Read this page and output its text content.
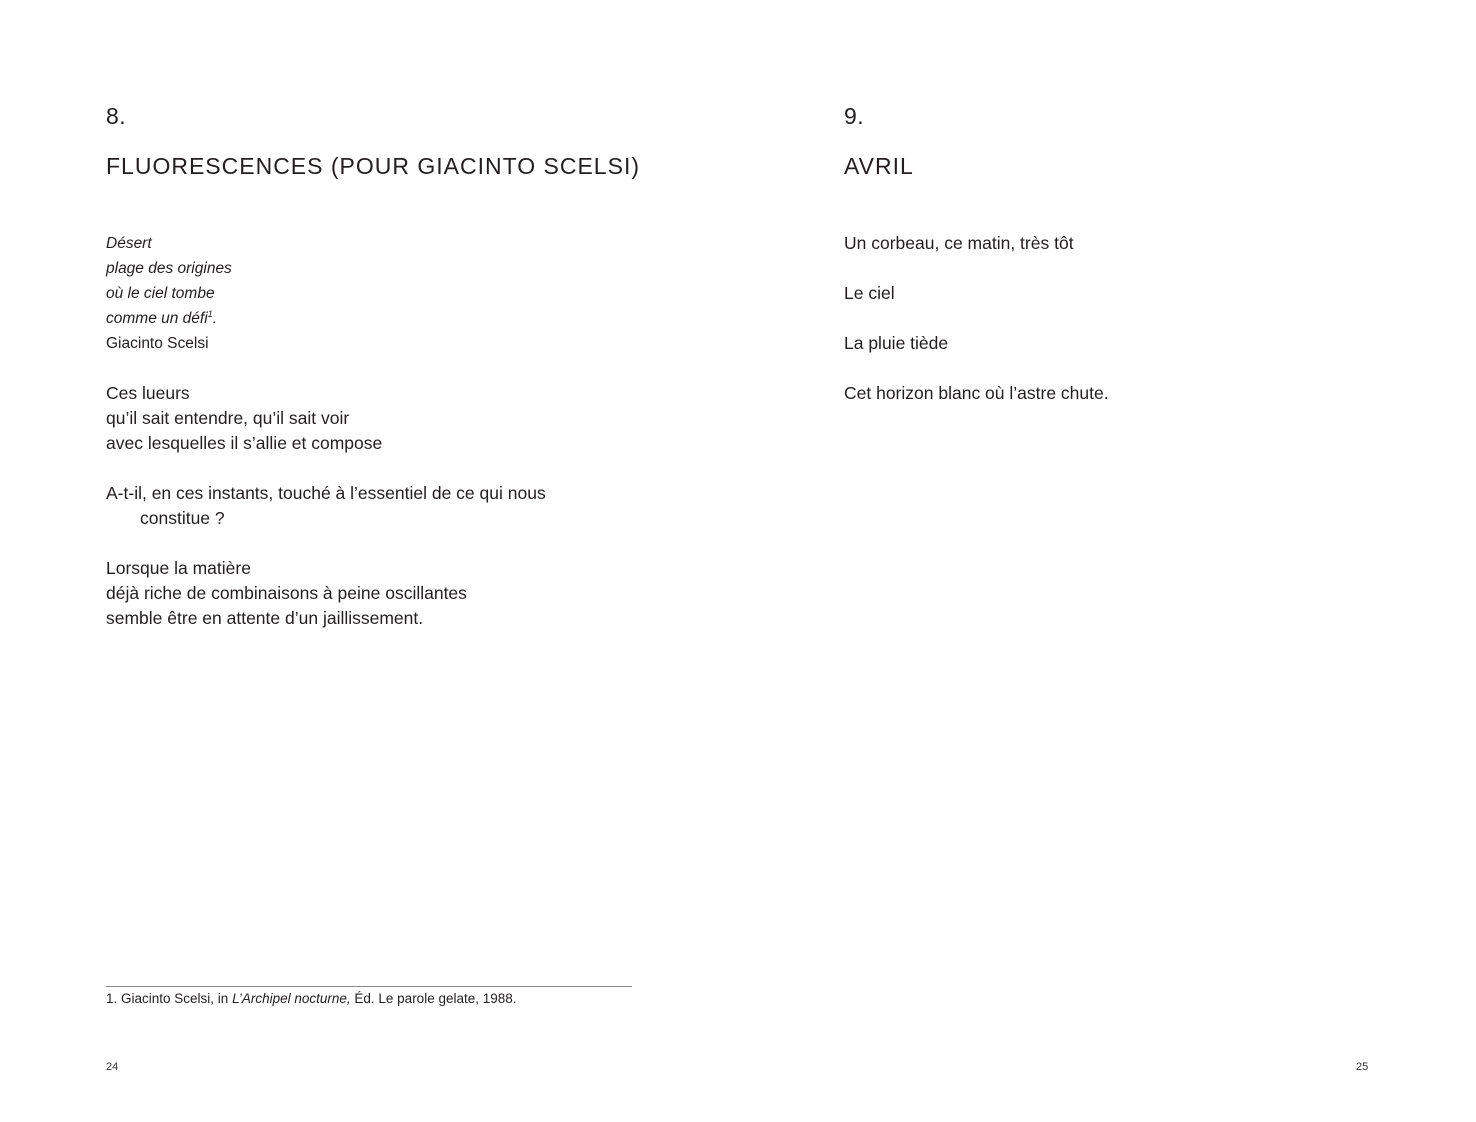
8.
FLUORESCENCES (POUR GIACINTO SCELSI)
Désert
plage des origines
où le ciel tombe
comme un défi$^1$.
Giacinto Scelsi
Ces lueurs
qu’il sait entendre, qu’il sait voir
avec lesquelles il s’allie et compose
A-t-il, en ces instants, touché à l’essentiel de ce qui nous
constitue ?
Lorsque la matière
déjà riche de combinaisons à peine oscillantes
semble être en attente d’un jaillissement.
1. Giacinto Scelsi, in L’Archipel nocturne, Éd. Le parole gelate, 1988.
24
9.
AVRIL
Un corbeau, ce matin, très tôt
Le ciel
La pluie tiède
Cet horizon blanc où l’astre chute.
25
